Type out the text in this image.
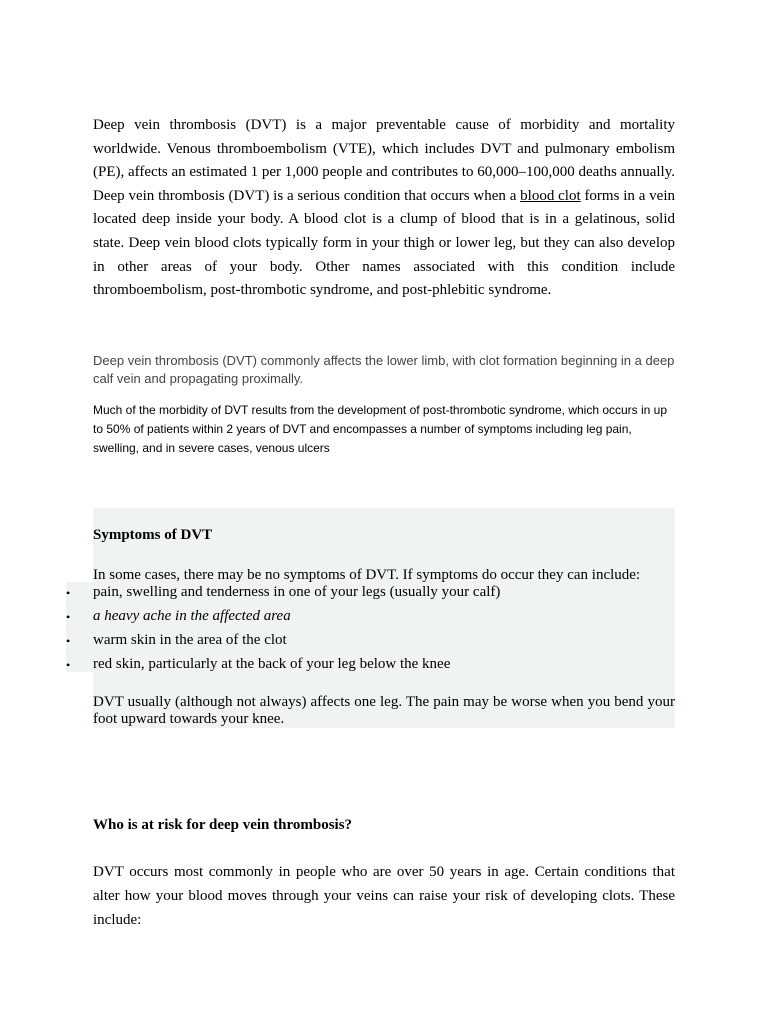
Deep vein thrombosis (DVT) is a major preventable cause of morbidity and mortality worldwide. Venous thromboembolism (VTE), which includes DVT and pulmonary embolism (PE), affects an estimated 1 per 1,000 people and contributes to 60,000–100,000 deaths annually. Deep vein thrombosis (DVT) is a serious condition that occurs when a blood clot forms in a vein located deep inside your body. A blood clot is a clump of blood that is in a gelatinous, solid state. Deep vein blood clots typically form in your thigh or lower leg, but they can also develop in other areas of your body. Other names associated with this condition include thromboembolism, post-thrombotic syndrome, and post-phlebitic syndrome.

Deep vein thrombosis (DVT) commonly affects the lower limb, with clot formation beginning in a deep calf vein and propagating proximally.

Much of the morbidity of DVT results from the development of post-thrombotic syndrome, which occurs in up to 50% of patients within 2 years of DVT and encompasses a number of symptoms including leg pain, swelling, and in severe cases, venous ulcers

Symptoms of DVT

In some cases, there may be no symptoms of DVT. If symptoms do occur they can include:

•	pain, swelling and tenderness in one of your legs (usually your calf)
•	a heavy ache in the affected area
•	warm skin in the area of the clot
•	red skin, particularly at the back of your leg below the knee

DVT usually (although not always) affects one leg. The pain may be worse when you bend your foot upward towards your knee.

Who is at risk for deep vein thrombosis?

DVT occurs most commonly in people who are over 50 years in age. Certain conditions that alter how your blood moves through your veins can raise your risk of developing clots. These include:
